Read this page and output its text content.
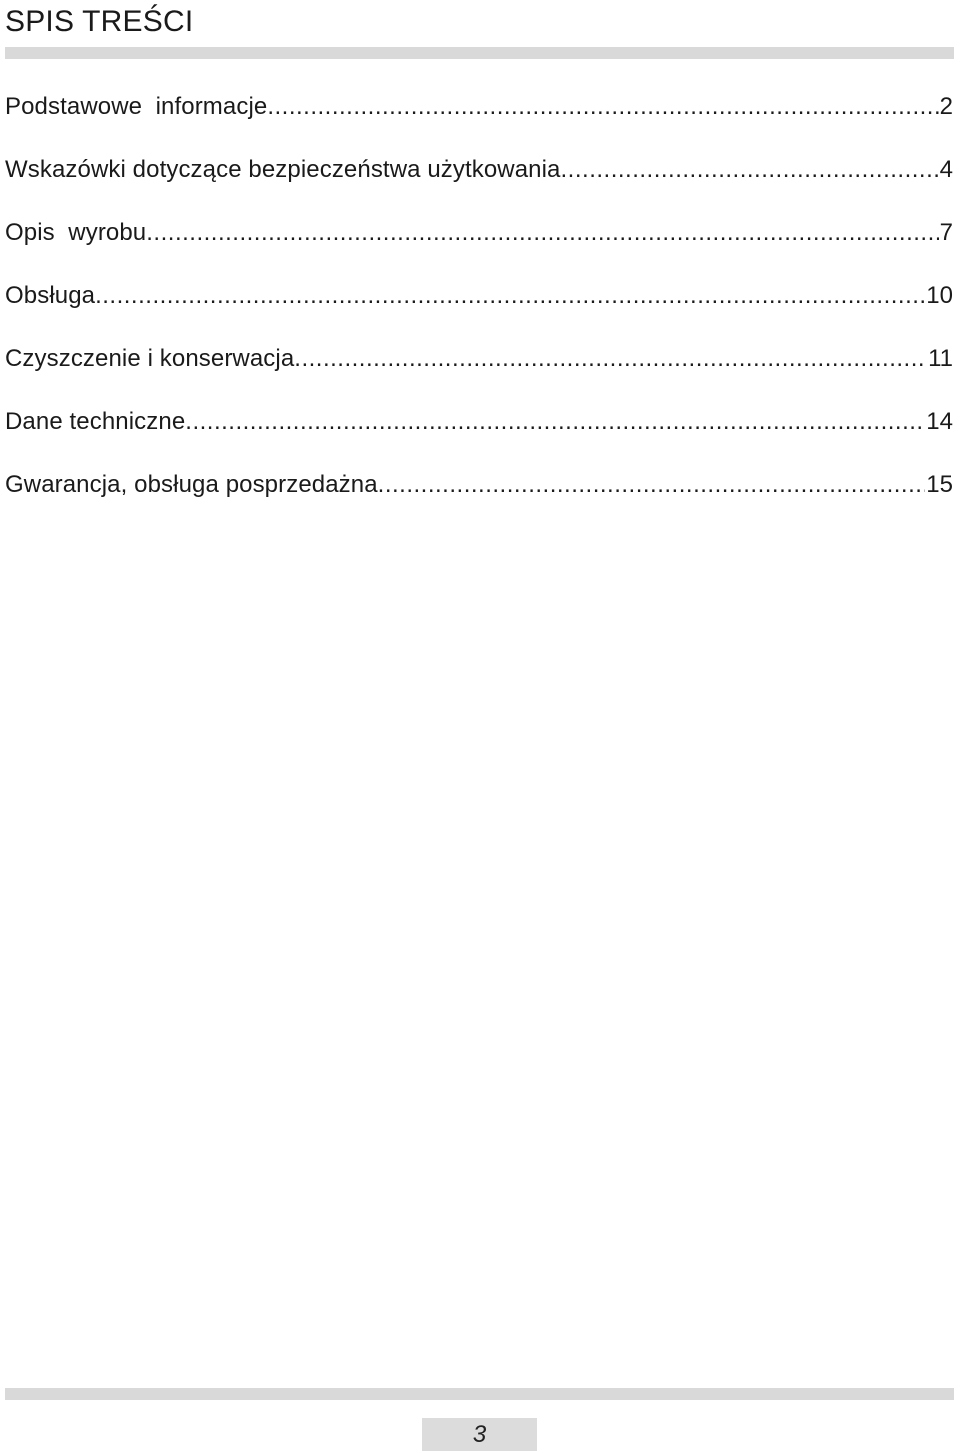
SPIS TREŚCI
Podstawowe  informacje .....	2
Wskazówki dotyczące bezpieczeństwa użytkowania .....	4
Opis  wyrobu .....	7
Obsługa .....	10
Czyszczenie i konserwacja .....	11
Dane techniczne .....	14
Gwarancja, obsługa posprzedażna .....	15
3
